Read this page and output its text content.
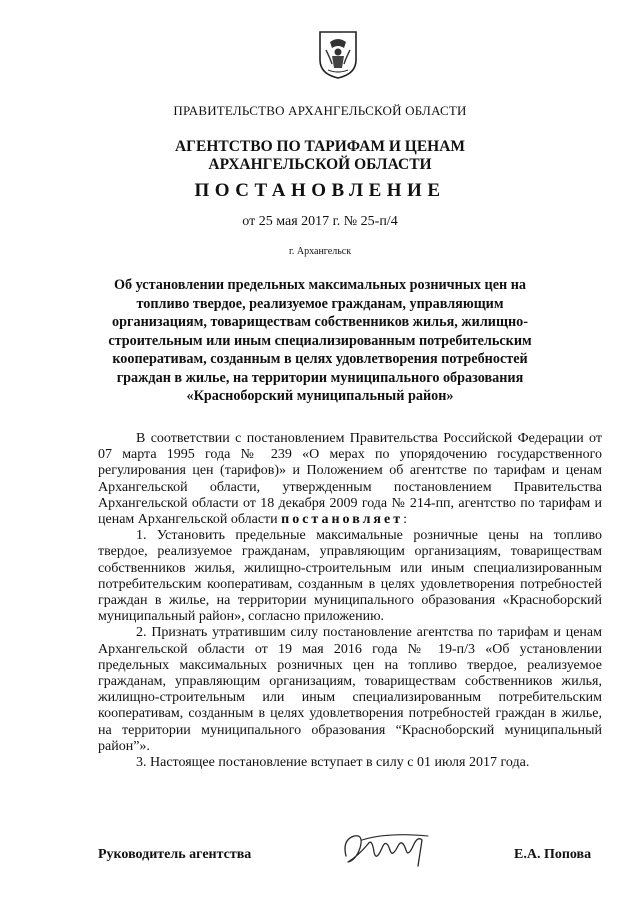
ПРАВИТЕЛЬСТВО АРХАНГЕЛЬСКОЙ ОБЛАСТИ
АГЕНТСТВО ПО ТАРИФАМ И ЦЕНАМ
АРХАНГЕЛЬСКОЙ ОБЛАСТИ
ПОСТАНОВЛЕНИЕ
от 25 мая 2017 г. № 25-п/4
г. Архангельск
Об установлении предельных максимальных розничных цен на топливо твердое, реализуемое гражданам, управляющим организациям, товариществам собственников жилья, жилищно-строительным или иным специализированным потребительским кооперативам, созданным в целях удовлетворения потребностей граждан в жилье, на территории муниципального образования «Красноборский муниципальный район»

В соответствии с постановлением Правительства Российской Федерации от 07 марта 1995 года № 239 «О мерах по упорядочению государственного регулирования цен (тарифов)» и Положением об агентстве по тарифам и ценам Архангельской области, утвержденным постановлением Правительства Архангельской области от 18 декабря 2009 года № 214-пп, агентство по тарифам и ценам Архангельской области постановляет:

1. Установить предельные максимальные розничные цены на топливо твердое, реализуемое гражданам, управляющим организациям, товариществам собственников жилья, жилищно-строительным или иным специализированным потребительским кооперативам, созданным в целях удовлетворения потребностей граждан в жилье, на территории муниципального образования «Красноборский муниципальный район», согласно приложению.

2. Признать утратившим силу постановление агентства по тарифам и ценам Архангельской области от 19 мая 2016 года № 19-п/3 «Об установлении предельных максимальных розничных цен на топливо твердое, реализуемое гражданам, управляющим организациям, товариществам собственников жилья, жилищно-строительным или иным специализированным потребительским кооперативам, созданным в целях удовлетворения потребностей граждан в жилье, на территории муниципального образования “Красноборский муниципальный район”».

3. Настоящее постановление вступает в силу с 01 июля 2017 года.

Руководитель агентства	Е.А. Попова
